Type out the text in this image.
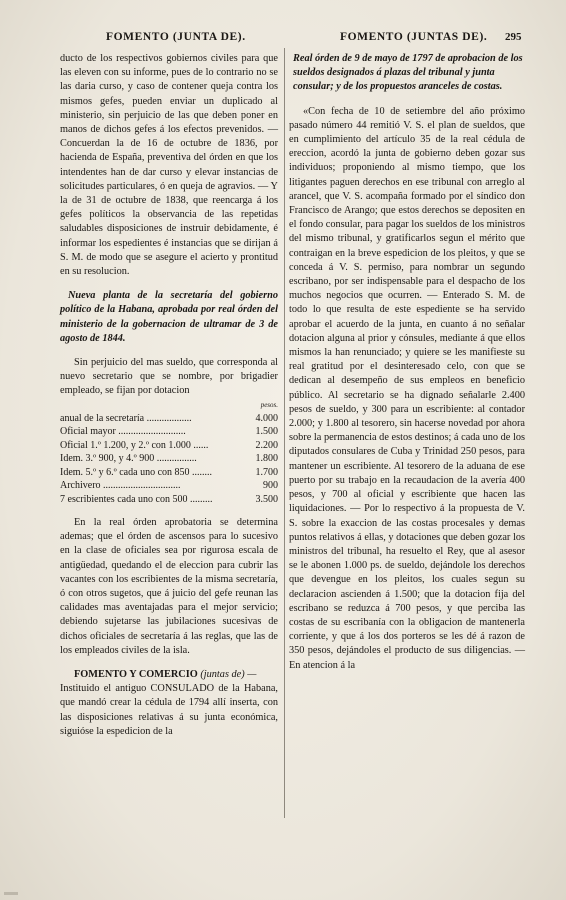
FOMENTO (JUNTA DE).	FOMENTO (JUNTAS DE). 295

ducto de los respectivos gobiernos civiles para que las eleven con su informe, pues de lo contrario no se las daria curso, y caso de contener queja contra los mismos gefes, pueden enviar un duplicado al ministerio, sin perjuicio de las que deben poner en manos de dichos gefes á los efectos prevenidos. — Concuerdan la de 16 de octubre de 1836, por hacienda de España, preventiva del órden en que los intendentes han de dar curso y elevar instancias de solicitudes particulares, ó en queja de agravios. — Y la de 31 de octubre de 1838, que reencarga á los gefes políticos la observancia de las repetidas saludables disposiciones de instruir debidamente, é informar los espedientes é instancias que se dirijan á S. M. de modo que se asegure el acierto y prontitud en su resolucion.

Nueva planta de la secretaría del gobierno político de la Habana, aprobada por real órden del ministerio de la gobernacion de ultramar de 3 de agosto de 1844.

Sin perjuicio del mas sueldo, que corresponda al nuevo secretario que se nombre, por brigadier empleado, se fijan por dotacion

	pesos.
anual de la secretaría ..................	4.000
Oficial mayor ...........................	1.500
Oficial 1.º 1.200, y 2.º con 1.000 ......	2.200
Idem. 3.º 900, y 4.º 900 ................	1.800
Idem. 5.º y 6.º cada uno con 850 ........	1.700
Archivero ...............................	900
7 escribientes cada uno con 500 .........	3.500

En la real órden aprobatoria se determina ademas; que el órden de ascensos para lo sucesivo en la clase de oficiales sea por rigurosa escala de antigüedad, quedando el de eleccion para cubrir las vacantes con los escribientes de la misma secretaría, ó con otros sugetos, que á juicio del gefe reunan las calidades mas aventajadas para el mejor servicio; debiendo sujetarse las jubilaciones sucesivas de dichos oficiales de secretaría á las reglas, que las de los empleados civiles de la isla.

FOMENTO Y COMERCIO (juntas de) —

Instituido el antiguo CONSULADO de la Habana, que mandó crear la cédula de 1794 allí inserta, con las disposiciones relativas á su junta económica, siguióse la espedicion de la

Real órden de 9 de mayo de 1797 de aprobacion de los sueldos designados á plazas del tribunal y junta consular; y de los propuestos aranceles de costas.

«Con fecha de 10 de setiembre del año próximo pasado número 44 remitió V. S. el plan de sueldos, que en cumplimiento del artículo 35 de la real cédula de ereccion, acordó la junta de gobierno deben gozar sus individuos; proponiendo al mismo tiempo, que los litigantes paguen derechos en ese tribunal con arreglo al arancel, que V. S. acompaña formado por el síndico don Francisco de Arango; que estos derechos se depositen en el fondo consular, para pagar los sueldos de los ministros del mismo tribunal, y gratificarlos segun el mérito que contraigan en la breve espedicion de los pleitos, y que se conceda á V. S. permiso, para nombrar un segundo escribano, por ser indispensable para el despacho de los muchos negocios que ocurren. — Enterado S. M. de todo lo que resulta de este espediente se ha servido aprobar el acuerdo de la junta, en cuanto á no señalar dotacion alguna al prior y cónsules, mediante á que ellos mismos la han renunciado; y quiere se les manifieste su real gratitud por el desinteresado celo, con que se dedican al desempeño de sus empleos en beneficio público. Al secretario se ha dignado señalarle 2.400 pesos de sueldo, y 300 para un escribiente: al contador 2.000; y 1.800 al tesorero, sin hacerse novedad por ahora sobre la permanencia de estos destinos; á cada uno de los diputados consulares de Cuba y Trinidad 250 pesos, para mantener un escribiente. Al tesorero de la aduana de ese puerto por su trabajo en la recaudacion de la avería 400 pesos, y 700 al oficial y escribiente que hacen las liquidaciones. — Por lo respectivo á la propuesta de V. S. sobre la exaccion de las costas procesales y demas puntos relativos á ellas, y dotaciones que deben gozar los ministros del tribunal, ha resuelto el Rey, que al asesor se le abonen 1.000 ps. de sueldo, dejándole los derechos que devengue en los pleitos, los cuales segun su declaracion ascienden á 1.500; que la dotacion fija del escribano se reduzca á 700 pesos, y que perciba las costas de su escribanía con la obligacion de mantenerla corriente, y que á los dos porteros se les dé á razon de 350 pesos, dejándoles el producto de sus diligencias. — En atencion á la
